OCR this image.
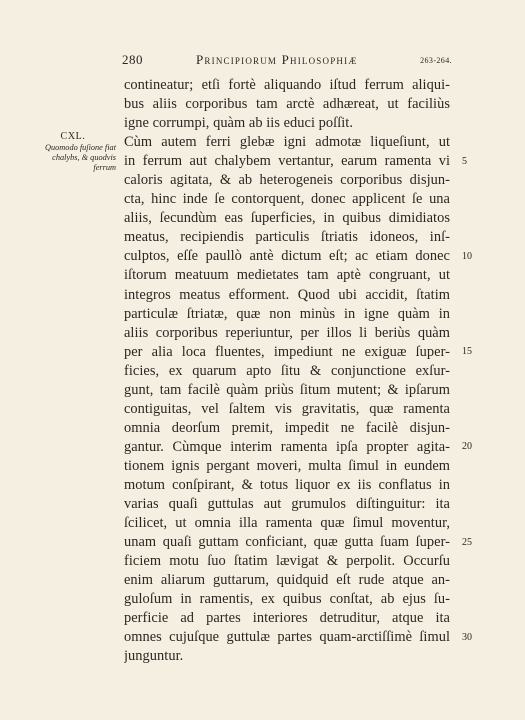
280	Principiorum Philosophiæ	263-264.
CXL.
Quomodo fuſione fiat
chalybs, & quodvis
ferrum
contineatur; etſi fortè aliquando iſtud ferrum aliqui-
bus aliis corporibus tam arctè adhæreat, ut faciliùs
igne corrumpi, quàm ab iis educi poſſit.
Cùm autem ferri glebæ igni admotæ liqueſiunt, ut
in ferrum aut chalybem vertantur, earum ramenta vi
caloris agitata, & ab heterogeneis corporibus disjun-
cta, hinc inde ſe contorquent, donec applicent ſe una
aliis, ſecundùm eas ſuperficies, in quibus dimidiatos
meatus, recipiendis particulis ſtriatis idoneos, inſ-
culptos, eſſe paullò antè dictum eſt; ac etiam donec
iſtorum meatuum medietates tam aptè congruant, ut
integros meatus efforment. Quod ubi accidit, ſtatim
particulæ ſtriatæ, quæ non minùs in igne quàm in
aliis corporibus reperiuntur, per illos li beriùs quàm
per alia loca fluentes, impediunt ne exiguæ ſuper-
ficies, ex quarum apto ſitu & conjunctione exſur-
gunt, tam facilè quàm priùs ſitum mutent; & ipſarum
contiguitas, vel ſaltem vis gravitatis, quæ ramenta
omnia deorſum premit, impedit ne facilè disjun-
gantur. Cùmque interim ramenta ipſa propter agita-
tionem ignis pergant moveri, multa ſimul in eundem
motum conſpirant, & totus liquor ex iis conflatus in
varias quaſi guttulas aut grumulos diſtinguitur: ita
ſcilicet, ut omnia illa ramenta quæ ſimul moventur,
unam quaſi guttam conficiant, quæ gutta ſuam ſuper-
ficiem motu ſuo ſtatim lævigat & perpolit. Occurſu
enim aliarum guttarum, quidquid eſt rude atque an-
guloſum in ramentis, ex quibus conſtat, ab ejus ſu-
perficie ad partes interiores detruditur, atque ita
omnes cujuſque guttulæ partes quam-arctiſſimè ſimul
junguntur.
5
10
15
20
25
30
